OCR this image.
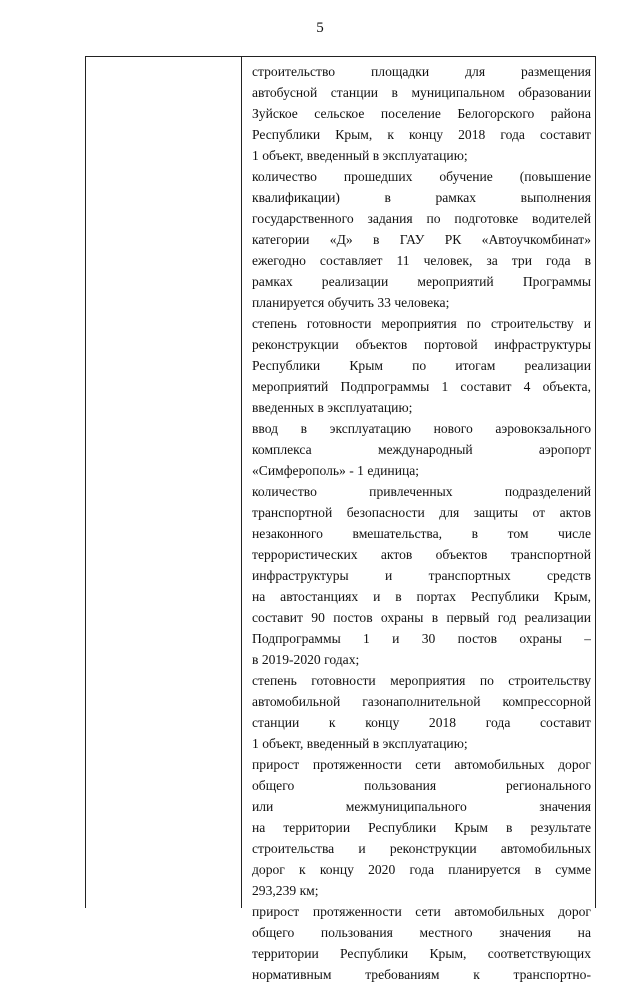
5
строительство площадки для размещения
автобусной станции в муниципальном образовании
Зуйское сельское поселение Белогорского района
Республики Крым, к концу 2018 года составит
1 объект, введенный в эксплуатацию;
количество прошедших обучение (повышение
квалификации) в рамках выполнения
государственного задания по подготовке водителей
категории «Д» в ГАУ РК «Автоучкомбинат»
ежегодно составляет 11 человек, за три года в
рамках реализации мероприятий Программы
планируется обучить 33 человека;
степень готовности мероприятия по строительству и
реконструкции объектов портовой инфраструктуры
Республики Крым по итогам реализации
мероприятий Подпрограммы 1 составит 4 объекта,
введенных в эксплуатацию;
ввод в эксплуатацию нового аэровокзального
комплекса международный аэропорт
«Симферополь» - 1 единица;
количество привлеченных подразделений
транспортной безопасности для защиты от актов
незаконного вмешательства, в том числе
террористических актов объектов транспортной
инфраструктуры и транспортных средств
на автостанциях и в портах Республики Крым,
составит 90 постов охраны в первый год реализации
Подпрограммы 1 и 30 постов охраны –
в 2019-2020 годах;
степень готовности мероприятия по строительству
автомобильной газонаполнительной компрессорной
станции к концу 2018 года составит
1 объект, введенный в эксплуатацию;
прирост протяженности сети автомобильных дорог
общего пользования регионального
или межмуниципального значения
на территории Республики Крым в результате
строительства и реконструкции автомобильных
дорог к концу 2020 года планируется в сумме
293,239 км;
прирост протяженности сети автомобильных дорог
общего пользования местного значения на
территории Республики Крым, соответствующих
нормативным требованиям к транспортно-
